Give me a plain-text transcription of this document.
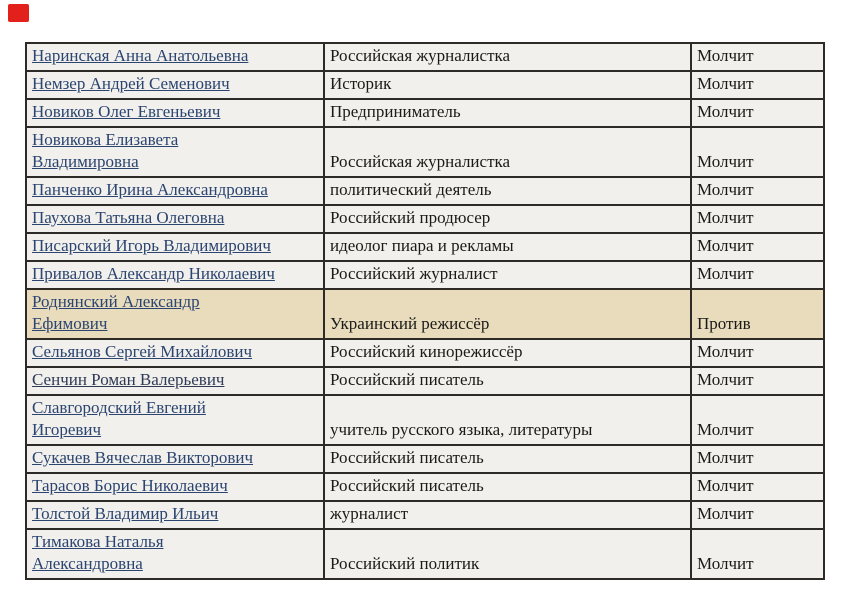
Наринская Анна Анатольевна	Российская журналистка	Молчит
Немзер Андрей Семенович	Историк	Молчит
Новиков Олег Евгеньевич	Предприниматель	Молчит
Новикова Елизавета Владимировна	Российская журналистка	Молчит
Панченко Ирина Александровна	политический деятель	Молчит
Паухова Татьяна Олеговна	Российский продюсер	Молчит
Писарский Игорь Владимирович	идеолог пиара и рекламы	Молчит
Привалов Александр Николаевич	Российский журналист	Молчит
Роднянский Александр Ефимович	Украинский режиссёр	Против
Сельянов Сергей Михайлович	Российский кинорежиссёр	Молчит
Сенчин Роман Валерьевич	Российский писатель	Молчит
Славгородский Евгений Игоревич	учитель русского языка, литературы	Молчит
Сукачев Вячеслав Викторович	Российский писатель	Молчит
Тарасов Борис Николаевич	Российский писатель	Молчит
Толстой Владимир Ильич	журналист	Молчит
Тимакова Наталья Александровна	Российский политик	Молчит
